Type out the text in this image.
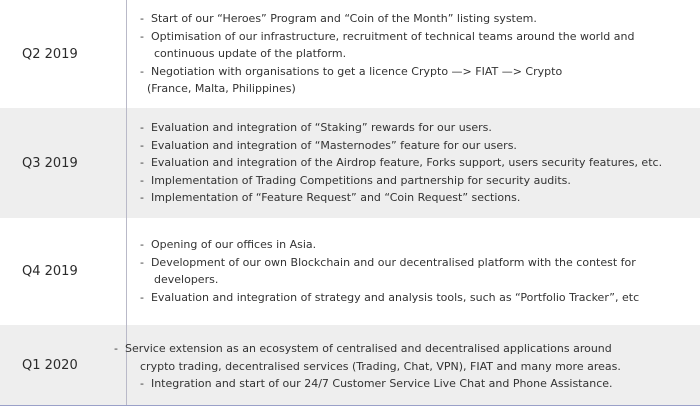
Q2 2019
-  Start of our “Heroes” Program and “Coin of the Month” listing system.
-  Optimisation of our infrastructure, recruitment of technical teams around the world and
continuous update of the platform.
-  Negotiation with organisations to get a licence Crypto —> FIAT —> Crypto
(France, Malta, Philippines)
Q3 2019
-  Evaluation and integration of “Staking” rewards for our users.
-  Evaluation and integration of “Masternodes” feature for our users.
-  Evaluation and integration of the Airdrop feature, Forks support, users security features, etc.
-  Implementation of Trading Competitions and partnership for security audits.
-  Implementation of “Feature Request” and “Coin Request” sections.
Q4 2019
-  Opening of our offices in Asia.
-  Development of our own Blockchain and our decentralised platform with the contest for
developers.
-  Evaluation and integration of strategy and analysis tools, such as “Portfolio Tracker”, etc
Q1 2020
-  Service extension as an ecosystem of centralised and decentralised applications around
crypto trading, decentralised services (Trading, Chat, VPN), FIAT and many more areas.
-  Integration and start of our 24/7 Customer Service Live Chat and Phone Assistance.
